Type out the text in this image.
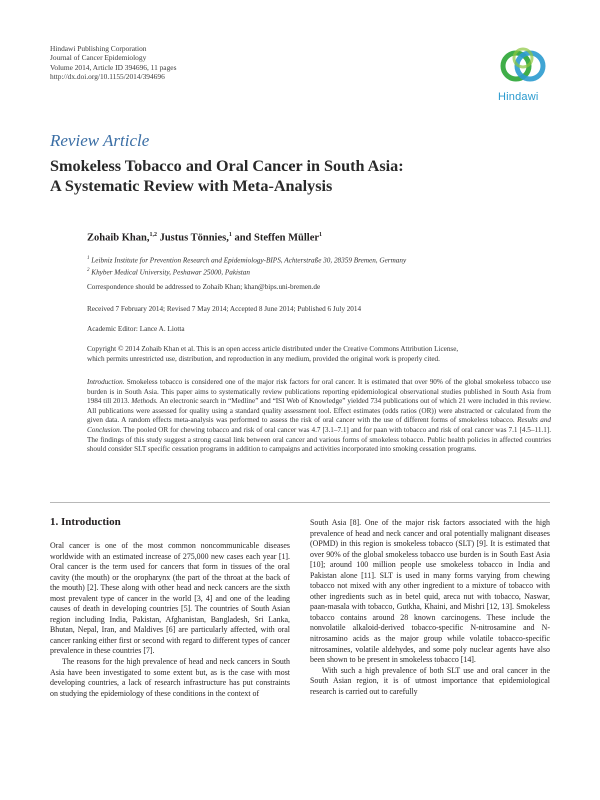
Hindawi Publishing Corporation
Journal of Cancer Epidemiology
Volume 2014, Article ID 394696, 11 pages
http://dx.doi.org/10.1155/2014/394696
Hindawi
Review Article
Smokeless Tobacco and Oral Cancer in South Asia:
A Systematic Review with Meta-Analysis
Zohaib Khan,$^{1,2}$ Justus Tönnies,$^1$ and Steffen Müller$^1$
$^1$ Leibniz Institute for Prevention Research and Epidemiology-BIPS, Achterstraße 30, 28359 Bremen, Germany
$^2$ Khyber Medical University, Peshawar 25000, Pakistan
Correspondence should be addressed to Zohaib Khan; khan@bips.uni-bremen.de
Received 7 February 2014; Revised 7 May 2014; Accepted 8 June 2014; Published 6 July 2014
Academic Editor: Lance A. Liotta
Copyright © 2014 Zohaib Khan et al. This is an open access article distributed under the Creative Commons Attribution License,
which permits unrestricted use, distribution, and reproduction in any medium, provided the original work is properly cited.
Introduction. Smokeless tobacco is considered one of the major risk factors for oral cancer. It is estimated that over 90% of the global smokeless tobacco use burden is in South Asia. This paper aims to systematically review publications reporting epidemiological observational studies published in South Asia from 1984 till 2013. Methods. An electronic search in “Medline” and “ISI Web of Knowledge” yielded 734 publications out of which 21 were included in this review. All publications were assessed for quality using a standard quality assessment tool. Effect estimates (odds ratios (OR)) were abstracted or calculated from the given data. A random effects meta-analysis was performed to assess the risk of oral cancer with the use of different forms of smokeless tobacco. Results and Conclusion. The pooled OR for chewing tobacco and risk of oral cancer was 4.7 [3.1–7.1] and for paan with tobacco and risk of oral cancer was 7.1 [4.5–11.1]. The findings of this study suggest a strong causal link between oral cancer and various forms of smokeless tobacco. Public health policies in affected countries should consider SLT specific cessation programs in addition to campaigns and activities incorporated into smoking cessation programs.
1. Introduction

Oral cancer is one of the most common noncommunicable diseases worldwide with an estimated increase of 275,000 new cases each year [1]. Oral cancer is the term used for cancers that form in tissues of the oral cavity (the mouth) or the oropharynx (the part of the throat at the back of the mouth) [2]. These along with other head and neck cancers are the sixth most prevalent type of cancer in the world [3, 4] and one of the leading causes of death in developing countries [5]. The countries of South Asian region including India, Pakistan, Afghanistan, Bangladesh, Sri Lanka, Bhutan, Nepal, Iran, and Maldives [6] are particularly affected, with oral cancer ranking either first or second with regard to different types of cancer prevalence in these countries [7].

The reasons for the high prevalence of head and neck cancers in South Asia have been investigated to some extent but, as is the case with most developing countries, a lack of research infrastructure has put constraints on studying the epidemiology of these conditions in the context of

South Asia [8]. One of the major risk factors associated with the high prevalence of head and neck cancer and oral potentially malignant diseases (OPMD) in this region is smokeless tobacco (SLT) [9]. It is estimated that over 90% of the global smokeless tobacco use burden is in South East Asia [10]; around 100 million people use smokeless tobacco in India and Pakistan alone [11]. SLT is used in many forms varying from chewing tobacco not mixed with any other ingredient to a mixture of tobacco with other ingredients such as in betel quid, areca nut with tobacco, Naswar, paan-masala with tobacco, Gutkha, Khaini, and Mishri [12, 13]. Smokeless tobacco contains around 28 known carcinogens. These include the nonvolatile alkaloid-derived tobacco-specific N-nitrosamine and N-nitrosamino acids as the major group while volatile tobacco-specific nitrosamines, volatile aldehydes, and some poly nuclear agents have also been shown to be present in smokeless tobacco [14].

With such a high prevalence of both SLT use and oral cancer in the South Asian region, it is of utmost importance that epidemiological research is carried out to carefully
